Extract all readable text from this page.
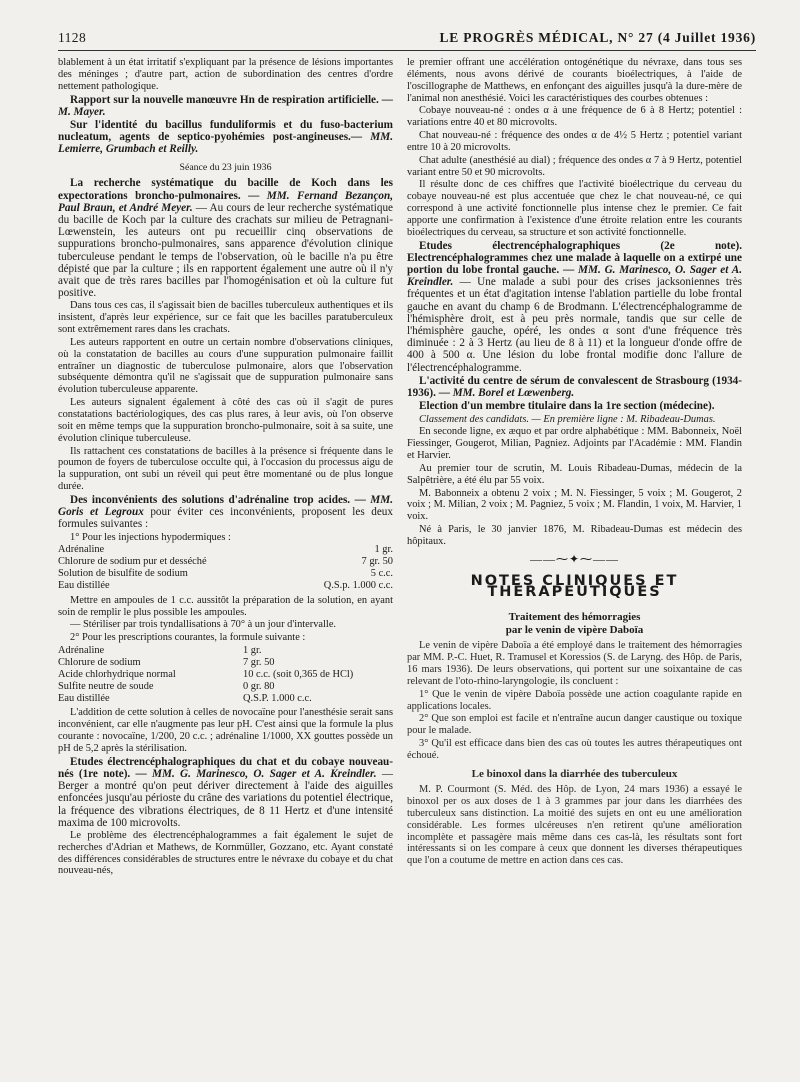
1128	LE PROGRÈS MÉDICAL, N° 27 (4 Juillet 1936)

blablement à un état irritatif s'expliquant par la présence de lésions importantes des méninges ; d'autre part, action de subordination des centres d'ordre nettement pathologique.

Rapport sur la nouvelle manœuvre Hn de respiration artificielle. — M. Mayer.

Sur l'identité du bacillus funduliformis et du fuso-bacterium nucleatum, agents de septico-pyohémies post-angineuses.— MM. Lemierre, Grumbach et Reilly.

Séance du 23 juin 1936

La recherche systématique du bacille de Koch dans les expectorations broncho-pulmonaires. — MM. Fernand Bezançon, Paul Braun, et André Meyer. — Au cours de leur recherche systématique du bacille de Koch par la culture des crachats sur milieu de Petragnani-Lœwenstein, les auteurs ont pu recueillir cinq observations de suppurations broncho-pulmonaires, sans apparence d'évolution clinique tuberculeuse pendant le temps de l'observation, où le bacille n'a pu être dépisté que par la culture ; ils en rapportent également une autre où il n'y avait que de très rares bacilles par l'homogénisation et où la culture fut positive.

Dans tous ces cas, il s'agissait bien de bacilles tuberculeux authentiques et ils insistent, d'après leur expérience, sur ce fait que les bacilles paratuberculeux sont extrêmement rares dans les crachats.

Les auteurs rapportent en outre un certain nombre d'observations cliniques, où la constatation de bacilles au cours d'une suppuration pulmonaire faillit entraîner un diagnostic de tuberculose pulmonaire, alors que l'observation subséquente démontra qu'il ne s'agissait que de suppuration pulmonaire sans évolution tuberculeuse apparente.

Les auteurs signalent également à côté des cas où il s'agit de pures constatations bactériologiques, des cas plus rares, à leur avis, où l'on observe soit en même temps que la suppuration broncho-pulmonaire, soit à sa suite, une évolution clinique tuberculeuse.

Ils rattachent ces constatations de bacilles à la présence si fréquente dans le poumon de foyers de tuberculose occulte qui, à l'occasion du processus aigu de la suppuration, ont subi un réveil qui peut être momentané ou de plus longue durée.

Des inconvénients des solutions d'adrénaline trop acides. — MM. Goris et Legroux pour éviter ces inconvénients, proposent les deux formules suivantes :

1° Pour les injections hypodermiques :

Adrénaline	1 gr.
Chlorure de sodium pur et desséché	7 gr. 50
Solution de bisulfite de sodium	5 c.c.
Eau distillée	Q.S.p. 1.000 c.c.

Mettre en ampoules de 1 c.c. aussitôt la préparation de la solution, en ayant soin de remplir le plus possible les ampoules.

— Stériliser par trois tyndallisations à 70° à un jour d'intervalle.

2° Pour les prescriptions courantes, la formule suivante :

Adrénaline	1 gr.
Chlorure de sodium	7 gr. 50
Acide chlorhydrique normal	10 c.c. (soit 0,365 de HCl)
Sulfite neutre de soude	0 gr. 80
Eau distillée	Q.S.P. 1.000 c.c.

L'addition de cette solution à celles de novocaïne pour l'anesthésie serait sans inconvénient, car elle n'augmente pas leur pH. C'est ainsi que la formule la plus courante : novocaïne, 1/200, 20 c.c. ; adrénaline 1/1000, XX gouttes possède un pH de 5,2 après la stérilisation.

Etudes électrencéphalographiques du chat et du cobaye nouveau-nés (1re note). — MM. G. Marinesco, O. Sager et A. Kreindler. — Berger a montré qu'on peut dériver directement à l'aide des aiguilles enfoncées jusqu'au périoste du crâne des variations du potentiel électrique, la fréquence des vibrations électriques, de 8 11 Hertz et d'une intensité maxima de 100 microvolts.

Le problème des électrencéphalogrammes a fait également le sujet de recherches d'Adrian et Mathews, de Kornmüller, Gozzano, etc. Ayant constaté des différences considérables de structures entre le névraxe du cobaye et du chat nouveau-nés,

le premier offrant une accélération ontogénétique du névraxe, dans tous ses éléments, nous avons dérivé de courants bioélectriques, à l'aide de l'oscillographe de Matthews, en enfonçant des aiguilles jusqu'à la dure-mère de l'animal non anesthésié. Voici les caractéristiques des courbes obtenues :

Cobaye nouveau-né : ondes α à une fréquence de 6 à 8 Hertz; potentiel : variations entre 40 et 80 microvolts.

Chat nouveau-né : fréquence des ondes α de 4½ 5 Hertz ; potentiel variant entre 10 à 20 microvolts.

Chat adulte (anesthésié au dial) ; fréquence des ondes α 7 à 9 Hertz, potentiel variant entre 50 et 90 microvolts.

Il résulte donc de ces chiffres que l'activité bioélectrique du cerveau du cobaye nouveau-né est plus accentuée que chez le chat nouveau-né, ce qui correspond à une activité fonctionnelle plus intense chez le premier. Ce fait apporte une confirmation à l'existence d'une étroite relation entre les courants bioélectriques du cerveau, sa structure et son activité fonctionnelle.

Etudes électrencéphalographiques (2e note). Electrencéphalogrammes chez une malade à laquelle on a extirpé une portion du lobe frontal gauche. — MM. G. Marinesco, O. Sager et A. Kreindler. — Une malade a subi pour des crises jacksoniennes très fréquentes et un état d'agitation intense l'ablation partielle du lobe frontal gauche en avant du champ 6 de Brodmann. L'électrencéphalogramme de l'hémisphère droit, est à peu près normale, tandis que sur celle de l'hémisphère gauche, opéré, les ondes α sont d'une fréquence très diminuée : 2 à 3 Hertz (au lieu de 8 à 11) et la longueur d'onde offre de 400 à 500 α. Une lésion du lobe frontal modifie donc l'allure de l'électrencéphalogramme.

L'activité du centre de sérum de convalescent de Strasbourg (1934-1936). — MM. Borel et Lœwenberg.

Election d'un membre titulaire dans la 1re section (médecine).

Classement des candidats. — En première ligne : M. Ribadeau-Dumas.

En seconde ligne, ex æquo et par ordre alphabétique : MM. Babonneix, Noël Fiessinger, Gougerot, Milian, Pagniez. Adjoints par l'Académie : MM. Flandin et Harvier.

Au premier tour de scrutin, M. Louis Ribadeau-Dumas, médecin de la Salpêtrière, a été élu par 55 voix.

M. Babonneix a obtenu 2 voix ; M. N. Fiessinger, 5 voix ; M. Gougerot, 2 voix ; M. Milian, 2 voix ; M. Pagniez, 5 voix ; M. Flandin, 1 voix, M. Harvier, 1 voix.

Né à Paris, le 30 janvier 1876, M. Ribadeau-Dumas est médecin des hôpitaux.

——⁓✦⁓——
NOTES CLINIQUES ET THÉRAPEUTIQUES
Traitement des hémorragies
par le venin de vipère Daboïa

Le venin de vipère Daboïa a été employé dans le traitement des hémorragies par MM. P.-C. Huet, R. Tramusel et Koressios (S. de Laryng. des Hôp. de Paris, 16 mars 1936). De leurs observations, qui portent sur une soixantaine de cas relevant de l'oto-rhino-laryngologie, ils concluent :

1° Que le venin de vipère Daboïa possède une action coagulante rapide en applications locales.

2° Que son emploi est facile et n'entraîne aucun danger caustique ou toxique pour le malade.

3° Qu'il est efficace dans bien des cas où toutes les autres thérapeutiques ont échoué.

Le binoxol dans la diarrhée des tuberculeux

M. P. Courmont (S. Méd. des Hôp. de Lyon, 24 mars 1936) a essayé le binoxol per os aux doses de 1 à 3 grammes par jour dans les diarrhées des tuberculeux sans distinction. La moitié des sujets en ont eu une amélioration considérable. Les formes ulcéreuses n'en retirent qu'une amélioration incomplète et passagère mais même dans ces cas-là, les résultats sont fort intéressants si on les compare à ceux que donnent les diverses thérapeutiques que l'on a coutume de mettre en action dans ces cas.
